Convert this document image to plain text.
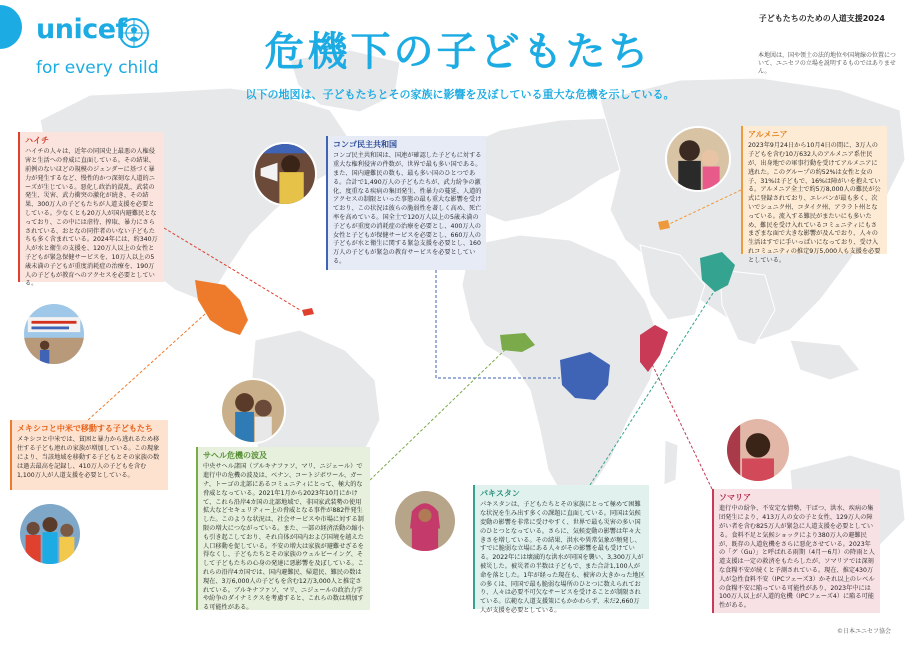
unicef
for every child	危機下の子どもたち
以下の地図は、子どもたちとその家族に影響を及ぼしている重大な危機を示している。
子どもたちのための人道支援2024
本地図は、国や領土の法的地位や国境線の位置について、ユニセフの立場を説明するものではありません。
ハイチ
ハイチの人々は、近年の同国史上最悪の人権侵害と生活への脅威に直面している。その結果、前例のないほどの規模のジェンダーに基づく暴力が発生するなど、慢性的かつ深刻な人道的ニーズが生じている。悪化し政治的混乱、武装の発生、災害、武力衝突の激化が続き、その結果、300万人の子どもたちが人道支援を必要としている。少なくとも20万人が国内避難民となっており、この中には虐待、搾取、暴力にさらされている、おとなの同伴者のいない子どもたちも多く含まれている。2024年には、約340万人が水と衛生の支援を、120万人以上の女性と子どもが緊急保健サービスを、10万人以上の5歳未満の子どもが重度消耗症の治療を、190万人の子どもが教育へのアクセスを必要としている。
コンゴ民主共和国
コンゴ民主共和国は、国連が確認した子どもに対する重大な権利侵害の件数が、世界で最も多い国である。また、国内避難民の数も、最も多い国のひとつである。合計で1,490万人の子どもたちが、武力紛争の激化、度重なる疾病の集団発生、性暴力の蔓延、人道的アクセスの制限といった事態の最も重大な影響を受けており、この状況は彼らの脆弱性を著しく高め、死亡率を高めている。国全土で120万人以上の5歳未満の子どもが重度の消耗症の治療を必要とし、400万人の女性と子どもが保健サービスを必要とし、660万人の子どもが水と衛生に関する緊急支援を必要とし、160万人の子どもが緊急の教育サービスを必要としている。
アルメニア
2023年9月24日から10月4日の間に、3万人の子どもを含む10万632人のアルメニア系住民が、出身地での軍事行動を受けてアルメニアに逃れた。このグループの約52%は女性と女の子、31%は子どもで、16%は障がいを抱えている。アルメニア全土で約5万8,000人の難民が公式に登録されており、エレバンが最も多く、次いでシュニク州、コタイク州、アララト州となっている。流入する難民がまたいにも多いため、難民を受け入れているコミュニティにもさまざまな面で大きな影響が及んでおり、人々の生活はすでに手いっぱいになっており、受け入れコミュニティの推定9万5,000人も支援を必要としている。
メキシコと中米で移動する子どもたち
メキシコと中米では、貧困と暴力から逃れるため移住する子ども連れの家族が増加している。この現象により、当該地域を移動する子どもとその家族の数は過去最高を記録し、410万人の子どもを含む1,100万人が人道支援を必要としている。
サヘル危機の波及
中央サヘル諸国（ブルキナファソ、マリ、ニジェール）で進行中の危機の波及は、ベナン、コートジボワール、ガーナ、トーゴの北部にあるコミュニティにとって、極大的な脅威となっている。2021年1月から2023年10月にかけて、これら沿岸4カ国の北部地域で、非国家武装勢の使用拡大などセキュリティー上の脅威となる事件が882件発生した。このような状況は、社会サービスや市場に対する制限の増大につながっている。また、一部の経済活動の縮小も引き起こしており、それ自体が国内および国境を越えた人口移動を促している。不安の増大は家族が避難せざるを得なくし、子どもたちとその家族のウェルビーイング、そして子どもたちの心身の発達に悪影響を及ぼしている。これらの沿岸4カ国では、国内避難民、帰還民、難民の数は現在、3万6,000人の子どもを含む12万3,000人と推定されている。ブルキナファソ、マリ、ニジェールの政治力学や紛争のダイナミクスを考慮すると、これらの数は増加する可能性がある。
パキスタン
パキスタンは、子どもたちとその家族にとって極めて困難な状況を生み出す多くの課題に直面している。同国は気候変動の影響を非常に受けやすく、世界で最も災害の多い国のひとつとなっている。さらに、気候変動の影響は年々大きさを増している。その結果、洪水や異常気象が頻発し、すでに脆弱な立場にある人々がその影響を最も受けている。2022年には壊滅的な洪水が同国を襲い、3,300万人が被災した。被災者の半数は子どもで、また合計1,100人が命を落とした。1年が経った現在も、被害の大きかった地区の多くは、同国で最も脆弱な場所のひとつに数えられており、人々は必要不可欠なサービスを受けることが制限されている。広範な人道支援策にもかかわらず、未だ2,660万人が支援を必要としている。
ソマリア
進行中の紛争、不安定な情勢、干ばつ、洪水、疾病の集団発生により、413万人の女の子と女性、129万人の障がい者を含む825万人が緊急に人道支援を必要としている。食料不足と気候ショックにより380万人の避難民が、既存の人道危機をさらに悪化させている。2023年の「グ（Gu）」と呼ばれる雨期（4月～6月）の降雨と人道支援は一定の救済をもたらしたが、ソマリアでは深刻な食糧不安が続くと予測されている。現在、推定430万人が急性食料不安（IPCフェーズ3）かそれ以上のレベルの食糧不安に陥っている可能性があり、2023年中には100万人以上が人道的危機（IPCフェーズ4）に陥る可能性がある。
©日本ユニセフ協会
